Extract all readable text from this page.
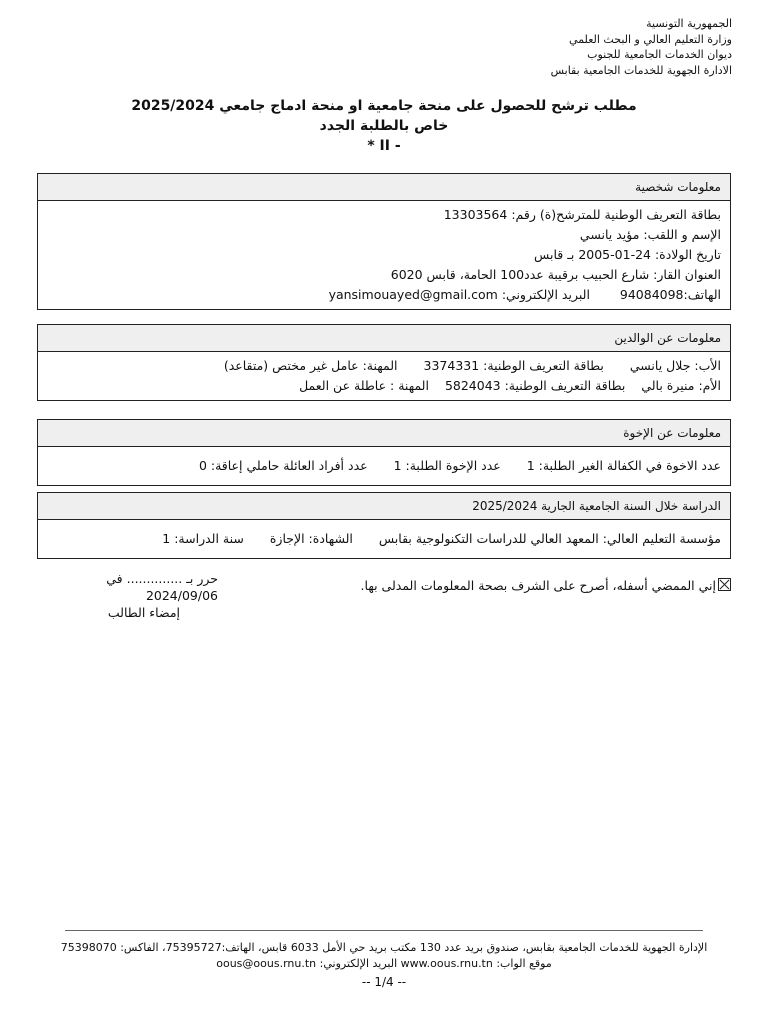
الجمهورية التونسية
وزارة التعليم العالي و البحث العلمي
ديوان الخدمات الجامعية للجنوب
الادارة الجهوية للخدمات الجامعية بقابس
مطلب ترشح للحصول على منحة جامعية او منحة ادماج جامعي 2025/2024
خاص بالطلبة الجدد
- II *
معلومات شخصية
بطاقة التعريف الوطنية للمترشح(ة) رقم: 13303564
الإسم و اللقب: مؤيد يانسي
تاريخ الولادة: 24-01-2005 بـ قابس
العنوان القار: شارع الحبيب برقيبة عدد100 الحامة، قابس 6020
الهاتف:94084098  البريد الإلكتروني: yansimouayed@gmail.com
معلومات عن الوالدين
الأب: جلال يانسي بطاقة التعريف الوطنية: 3374331 المهنة: عامل غير مختص (متقاعد)
الأم: منيرة بالي بطاقة التعريف الوطنية: 5824043 المهنة : عاطلة عن العمل
معلومات عن الإخوة
عدد الاخوة في الكفالة الغير الطلبة: 1 عدد الإخوة الطلبة: 1 عدد أفراد العائلة حاملي إعاقة: 0
الدراسة خلال السنة الجامعية الجارية 2025/2024
مؤسسة التعليم العالي: المعهد العالي للدراسات التكنولوجية بقابس الشهادة: الإجازة سنة الدراسة: 1
إني الممضي أسفله، أصرح على الشرف بصحة المعلومات المدلى بها.
حرر بـ .............. في 2024/09/06
إمضاء الطالب
الإدارة الجهوية للخدمات الجامعية بقابس، صندوق بريد عدد 130 مكتب بريد حي الأمل 6033 قابس، الهاتف:75395727، الفاكس: 75398070
موقع الواب: www.oous.rnu.tn البريد الإلكتروني: oous@oous.rnu.tn
-- 1/4 --
